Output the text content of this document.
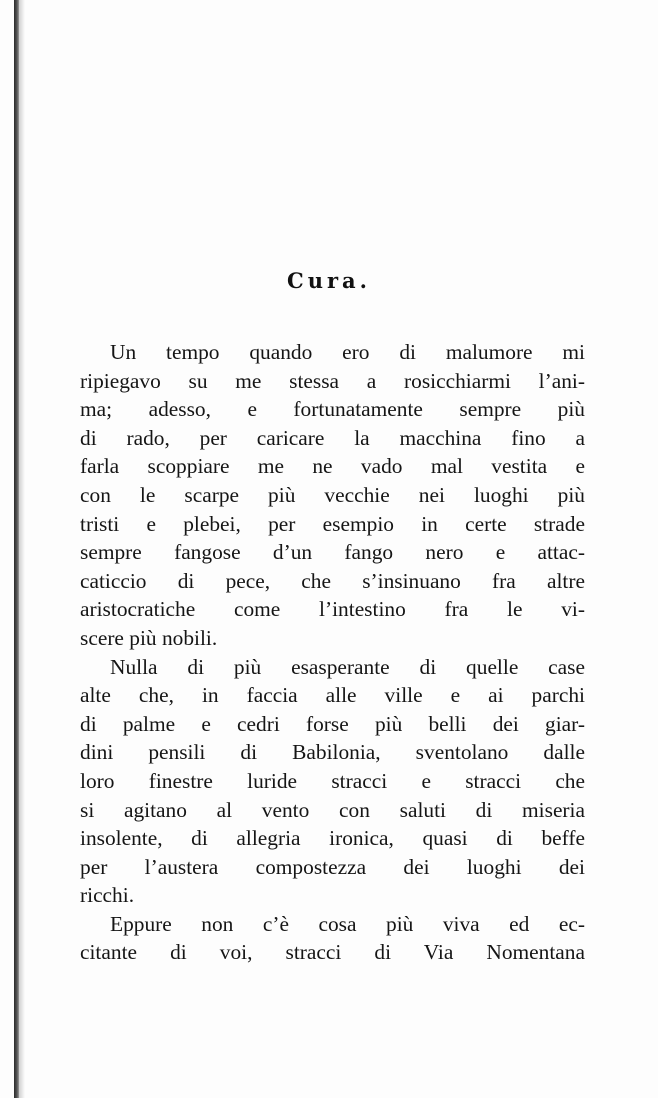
Cura.
Un tempo quando ero di malumore mi
ripiegavo su me stessa a rosicchiarmi l’ani-
ma; adesso, e fortunatamente sempre più
di rado, per caricare la macchina fino a
farla scoppiare me ne vado mal vestita e
con le scarpe più vecchie nei luoghi più
tristi e plebei, per esempio in certe strade
sempre fangose d’un fango nero e attac-
caticcio di pece, che s’insinuano fra altre
aristocratiche come l’intestino fra le vi-
scere più nobili.
Nulla di più esasperante di quelle case
alte che, in faccia alle ville e ai parchi
di palme e cedri forse più belli dei giar-
dini pensili di Babilonia, sventolano dalle
loro finestre luride stracci e stracci che
si agitano al vento con saluti di miseria
insolente, di allegria ironica, quasi di beffe
per l’austera compostezza dei luoghi dei
ricchi.
Eppure non c’è cosa più viva ed ec-
citante di voi, stracci di Via Nomentana
